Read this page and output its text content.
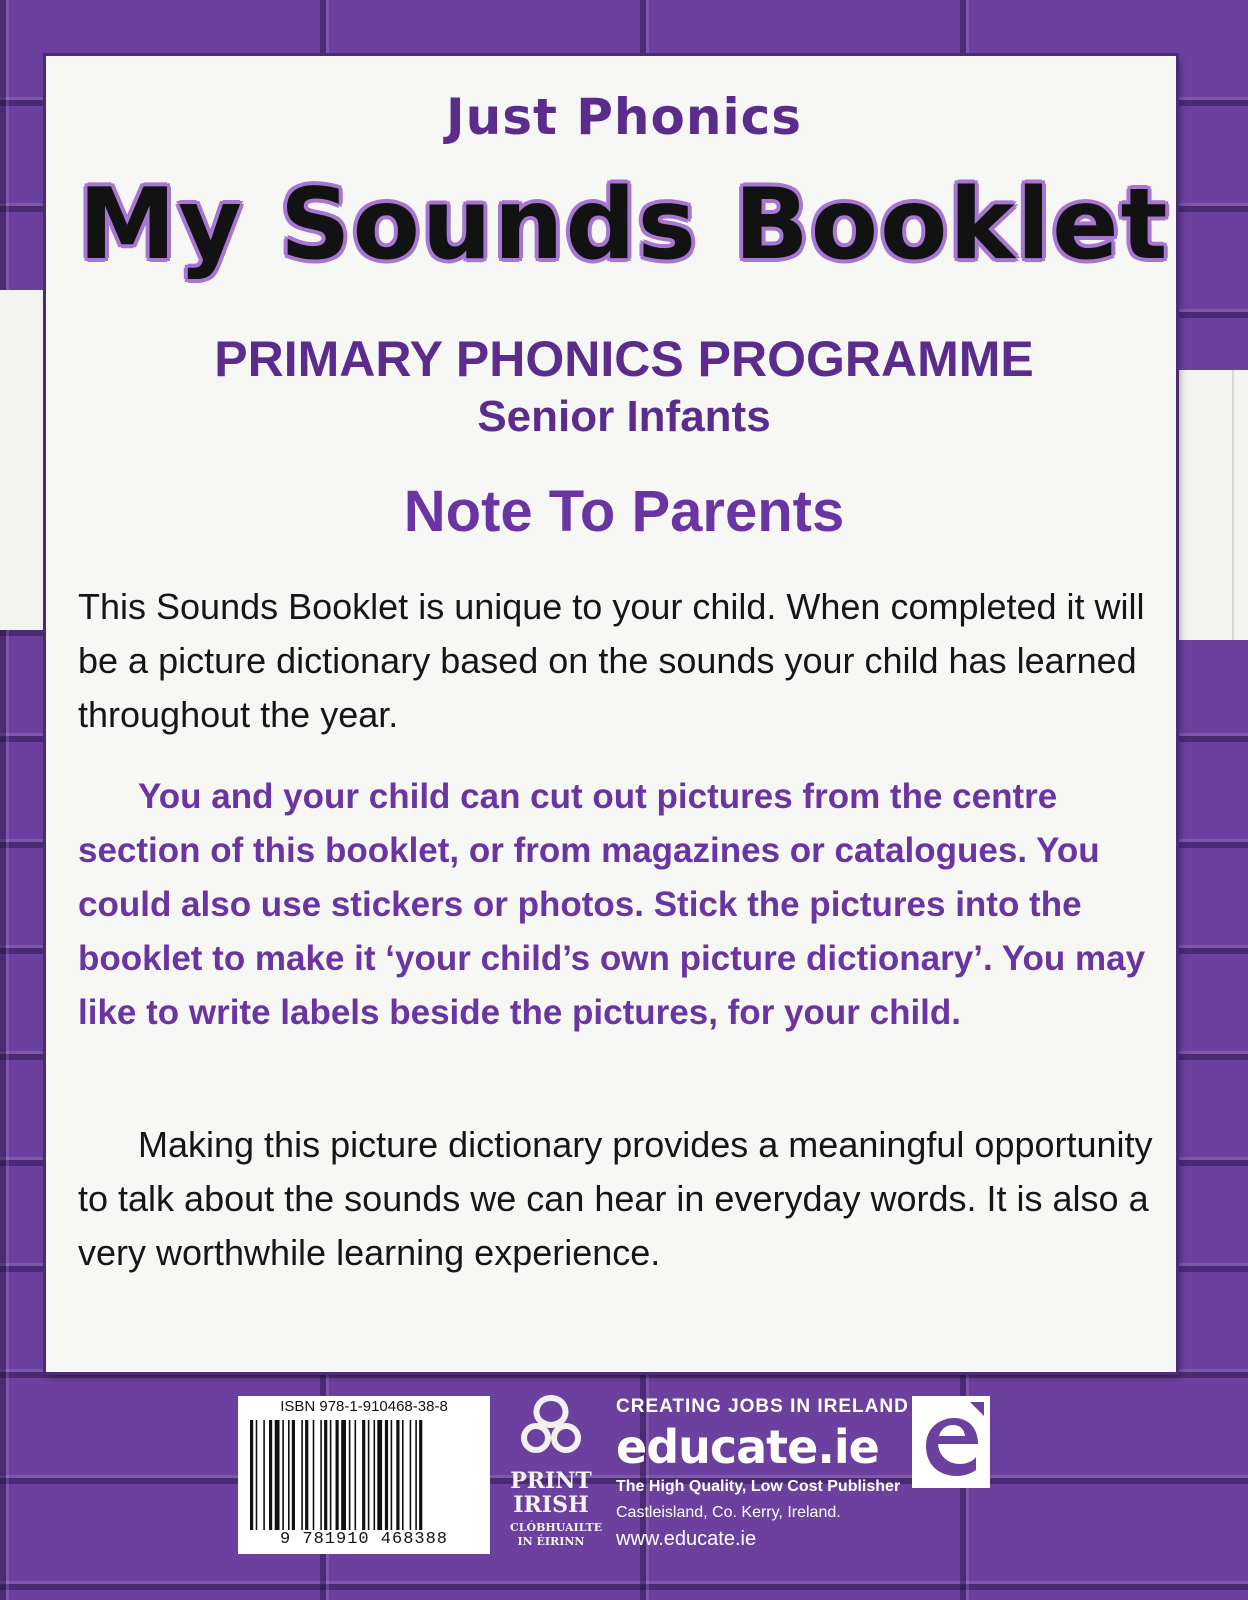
Just Phonics
My Sounds Booklet
PRIMARY PHONICS PROGRAMME
Senior Infants
Note To Parents

This Sounds Booklet is unique to your child. When completed it will be a picture dictionary based on the sounds your child has learned throughout the year.

You and your child can cut out pictures from the centre section of this booklet, or from magazines or catalogues. You could also use stickers or photos. Stick the pictures into the booklet to make it ‘your child’s own picture dictionary’. You may like to write labels beside the pictures, for your child.

Making this picture dictionary provides a meaningful opportunity to talk about the sounds we can hear in everyday words. It is also a very worthwhile learning experience.

ISBN 978-1-910468-38-8
9 781910 468388
PRINT
IRISH
CLÓBHUAILTE
IN ÉIRINN
CREATING JOBS IN IRELAND
educate.ie
The High Quality, Low Cost Publisher
Castleisland, Co. Kerry, Ireland.
www.educate.ie
